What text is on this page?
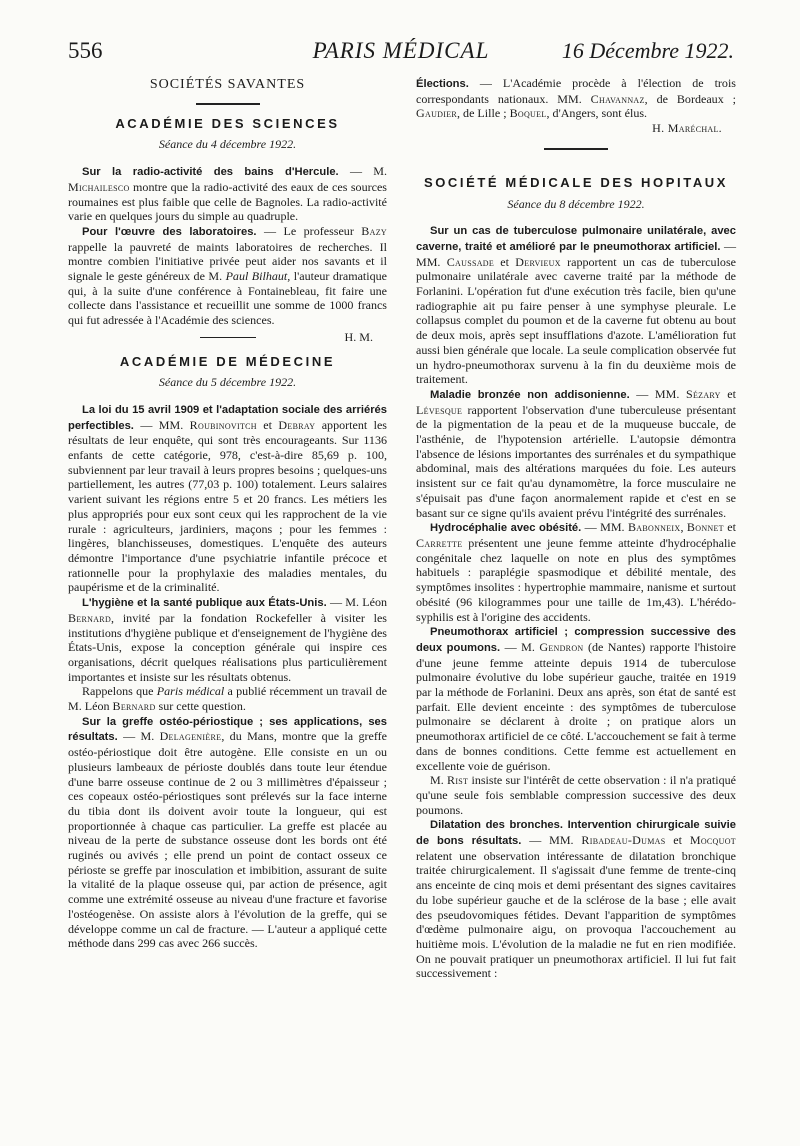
PARIS MÉDICAL
556	16 Décembre 1922.
SOCIÉTÉS SAVANTES
ACADÉMIE DES SCIENCES
Séance du 4 décembre 1922.

Sur la radio-activité des bains d'Hercule. — M. Michailesco montre que la radio-activité des eaux de ces sources roumaines est plus faible que celle de Bagnoles. La radio-activité varie en quelques jours du simple au quadruple.

Pour l'œuvre des laboratoires. — Le professeur Bazy rappelle la pauvreté de maints laboratoires de recherches. Il montre combien l'initiative privée peut aider nos savants et il signale le geste généreux de M. Paul Bilhaut, l'auteur dramatique qui, à la suite d'une conférence à Fontainebleau, fit faire une collecte dans l'assistance et recueillit une somme de 1000 francs qui fut adressée à l'Académie des sciences.

H. M.

ACADÉMIE DE MÉDECINE
Séance du 5 décembre 1922.

La loi du 15 avril 1909 et l'adaptation sociale des arriérés perfectibles. — MM. Roubinovitch et Debray apportent les résultats de leur enquête, qui sont très encourageants. Sur 1136 enfants de cette catégorie, 978, c'est-à-dire 85,69 p. 100, subviennent par leur travail à leurs propres besoins ; quelques-uns partiellement, les autres (77,03 p. 100) totalement. Leurs salaires varient suivant les régions entre 5 et 20 francs. Les métiers les plus appropriés pour eux sont ceux qui les rapprochent de la vie rurale : agriculteurs, jardiniers, maçons ; pour les femmes : lingères, blanchisseuses, domestiques. L'enquête des auteurs démontre l'importance d'une psychiatrie infantile précoce et rationnelle pour la prophylaxie des maladies mentales, du paupérisme et de la criminalité.

L'hygiène et la santé publique aux États-Unis. — M. Léon Bernard, invité par la fondation Rockefeller à visiter les institutions d'hygiène publique et d'enseignement de l'hygiène des États-Unis, expose la conception générale qui inspire ces organisations, décrit quelques réalisations plus particulièrement importantes et insiste sur les résultats obtenus.

Rappelons que Paris médical a publié récemment un travail de M. Léon Bernard sur cette question.

Sur la greffe ostéo-périostique ; ses applications, ses résultats. — M. Delagenière, du Mans, montre que la greffe ostéo-périostique doit être autogène. Elle consiste en un ou plusieurs lambeaux de périoste doublés dans toute leur étendue d'une barre osseuse continue de 2 ou 3 millimètres d'épaisseur ; ces copeaux ostéo-périostiques sont prélevés sur la face interne du tibia dont ils doivent avoir toute la longueur, qui est proportionnée à chaque cas particulier. La greffe est placée au niveau de la perte de substance osseuse dont les bords ont été ruginés ou avivés ; elle prend un point de contact osseux ce périoste se greffe par inosculation et imbibition, assurant de suite la vitalité de la plaque osseuse qui, par action de présence, agit comme une extrémité osseuse au niveau d'une fracture et favorise l'ostéogenèse. On assiste alors à l'évolution de la greffe, qui se développe comme un cal de fracture. — L'auteur a appliqué cette méthode dans 299 cas avec 266 succès.

Élections. — L'Académie procède à l'élection de trois correspondants nationaux. MM. Chavannaz, de Bordeaux ; Gaudier, de Lille ; Boquel, d'Angers, sont élus.

H. Maréchal.

SOCIÉTÉ MÉDICALE DES HOPITAUX
Séance du 8 décembre 1922.

Sur un cas de tuberculose pulmonaire unilatérale, avec caverne, traité et amélioré par le pneumothorax artificiel. — MM. Caussade et Dervieux rapportent un cas de tuberculose pulmonaire unilatérale avec caverne traité par la méthode de Forlanini. L'opération fut d'une exécution très facile, bien qu'une radiographie ait pu faire penser à une symphyse pleurale. Le collapsus complet du poumon et de la caverne fut obtenu au bout de deux mois, après sept insufflations d'azote. L'amélioration fut aussi bien générale que locale. La seule complication observée fut un hydro-pneumothorax survenu à la fin du deuxième mois de traitement.

Maladie bronzée non addisonienne. — MM. Sézary et Lévesque rapportent l'observation d'une tuberculeuse présentant de la pigmentation de la peau et de la muqueuse buccale, de l'asthénie, de l'hypotension artérielle. L'autopsie démontra l'absence de lésions importantes des surrénales et du sympathique abdominal, mais des altérations marquées du foie. Les auteurs insistent sur ce fait qu'au dynamomètre, la force musculaire ne s'épuisait pas d'une façon anormalement rapide et c'est en se basant sur ce signe qu'ils avaient prévu l'intégrité des surrénales.

Hydrocéphalie avec obésité. — MM. Babonneix, Bonnet et Carrette présentent une jeune femme atteinte d'hydrocéphalie congénitale chez laquelle on note en plus des symptômes habituels : paraplégie spasmodique et débilité mentale, des symptômes insolites : hypertrophie mammaire, nanisme et surtout obésité (96 kilogrammes pour une taille de 1m,43). L'hérédo-syphilis est à l'origine des accidents.

Pneumothorax artificiel ; compression successive des deux poumons. — M. Gendron (de Nantes) rapporte l'histoire d'une jeune femme atteinte depuis 1914 de tuberculose pulmonaire évolutive du lobe supérieur gauche, traitée en 1919 par la méthode de Forlanini. Deux ans après, son état de santé est parfait. Elle devient enceinte : des symptômes de tuberculose pulmonaire se déclarent à droite ; on pratique alors un pneumothorax artificiel de ce côté. L'accouchement se fait à terme dans de bonnes conditions. Cette femme est actuellement en excellente voie de guérison.

M. Rist insiste sur l'intérêt de cette observation : il n'a pratiqué qu'une seule fois semblable compression successive des deux poumons.

Dilatation des bronches. Intervention chirurgicale suivie de bons résultats. — MM. Ribadeau-Dumas et Mocquot relatent une observation intéressante de dilatation bronchique traitée chirurgicalement. Il s'agissait d'une femme de trente-cinq ans enceinte de cinq mois et demi présentant des signes cavitaires du lobe supérieur gauche et de la sclérose de la base ; elle avait des pseudovomiques fétides. Devant l'apparition de symptômes d'œdème pulmonaire aigu, on provoqua l'accouchement au huitième mois. L'évolution de la maladie ne fut en rien modifiée. On ne pouvait pratiquer un pneumothorax artificiel. Il lui fut fait successivement :
